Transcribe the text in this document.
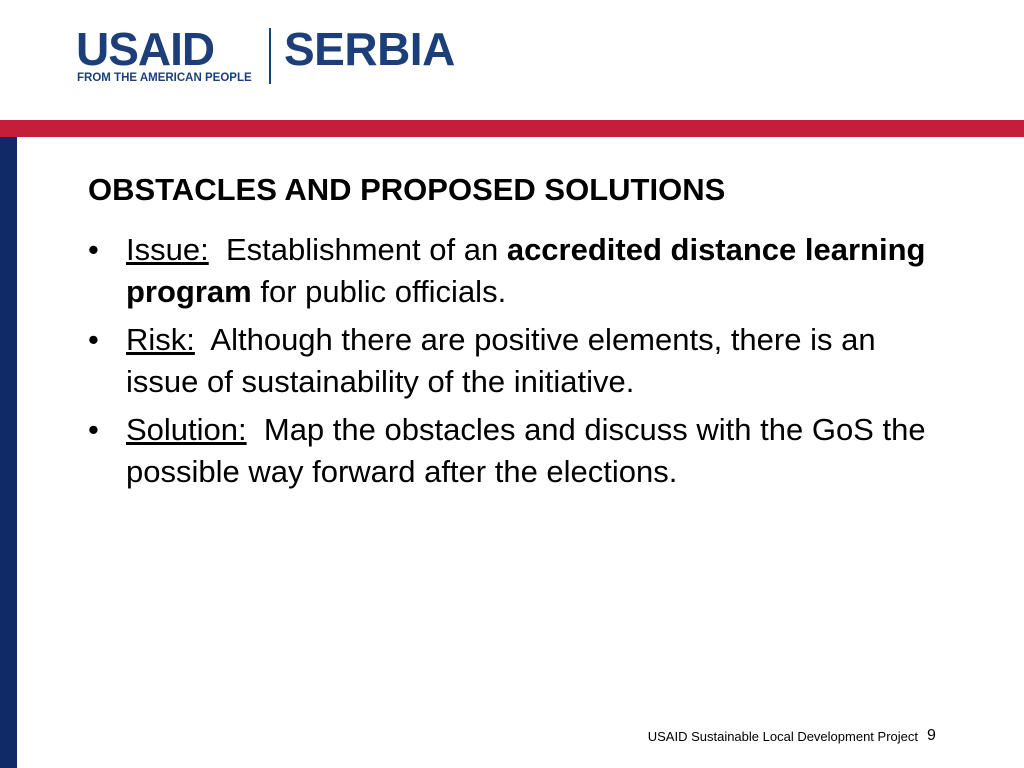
USAID
FROM THE AMERICAN PEOPLE
SERBIA
OBSTACLES AND PROPOSED SOLUTIONS
• Issue:  Establishment of an accredited distance learning program for public officials.
• Risk:  Although there are positive elements, there is an issue of sustainability of the initiative.
• Solution:  Map the obstacles and discuss with the GoS the possible way forward after the elections.
USAID Sustainable Local Development Project 9
